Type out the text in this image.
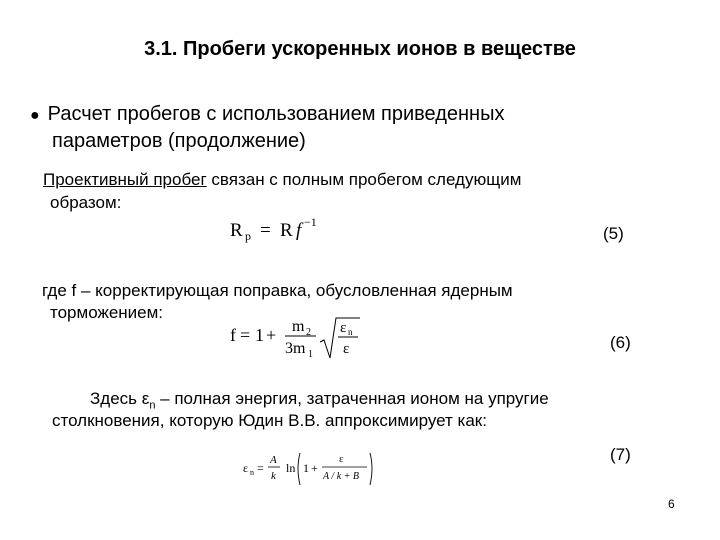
3.1. Пробеги ускоренных ионов в веществе
● Расчет пробегов с использованием приведенных
параметров (продолжение)
Проективный пробег связан с полным пробегом следующим
образом:
R p = R f −1
(5)
где f – корректирующая поправка, обусловленная ядерным
торможением:
f = 1 + m 2
3m 1
ε n
ε	(6)
Здесь $\varepsilon_n$ – полная энергия, затраченная ионом на упругие
столкновения, которую Юдин В.В. аппроксимирует как:
ε n =
A
k
ln 1 +
ε
A / k + B
(7)
6
